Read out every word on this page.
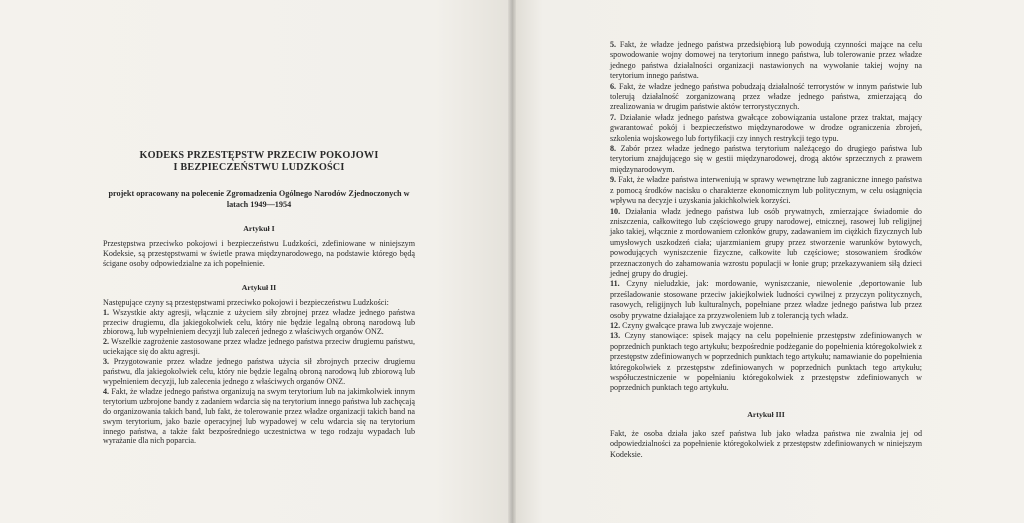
KODEKS PRZESTĘPSTW PRZECIW POKOJOWI
I BEZPIECZEŃSTWU LUDZKOŚCI
projekt opracowany na polecenie Zgromadzenia Ogólnego Narodów Zjednoczonych w latach 1949—1954
Artykuł I
Przestępstwa przeciwko pokojowi i bezpieczeństwu Ludzkości, zdefiniowane w niniejszym Kodeksie, są przestępstwami w świetle prawa międzynarodowego, na podstawie którego będą ścigane osoby odpowiedzialne za ich popełnienie.
Artykuł II
Następujące czyny są przestępstwami przeciwko pokojowi i bezpieczeństwu Ludzkości:
1. Wszystkie akty agresji, włącznie z użyciem siły zbrojnej przez władze jednego państwa przeciw drugiemu, dla jakiegokolwiek celu, który nie będzie legalną obroną narodową lub zbiorową, lub wypełnieniem decyzji lub zaleceń jednego z właściwych organów ONZ.
2. Wszelkie zagrożenie zastosowane przez władze jednego państwa przeciw drugiemu państwu, uciekające się do aktu agresji.
3. Przygotowanie przez władze jednego państwa użycia sił zbrojnych przeciw drugiemu państwu, dla jakiegokolwiek celu, który nie będzie legalną obroną narodową lub zbiorową lub wypełnieniem decyzji, lub zalecenia jednego z właściwych organów ONZ.
4. Fakt, że władze jednego państwa organizują na swym terytorium lub na jakimkolwiek innym terytorium uzbrojone bandy z zadaniem wdarcia się na terytorium innego państwa lub zachęcają do organizowania takich band, lub fakt, że tolerowanie przez władze organizacji takich band na swym terytorium, jako bazie operacyjnej lub wypadowej w celu wdarcia się na terytorium innego państwa, a także fakt bezpośredniego uczestnictwa w tego rodzaju wypadach lub wyrażanie dla nich poparcia.
5. Fakt, że władze jednego państwa przedsiębiorą lub powodują czynności mające na celu spowodowanie wojny domowej na terytorium innego państwa, lub tolerowanie przez władze jednego państwa działalności organizacji nastawionych na wywołanie takiej wojny na terytorium innego państwa.
6. Fakt, że władze jednego państwa pobudzają działalność terrorystów w innym państwie lub tolerują działalność zorganizowaną przez władze jednego państwa, zmierzającą do zrealizowania w drugim państwie aktów terrorystycznych.
7. Działanie władz jednego państwa gwałcące zobowiązania ustalone przez traktat, mający gwarantować pokój i bezpieczeństwo międzynarodowe w drodze ograniczenia zbrojeń, szkolenia wojskowego lub fortyfikacji czy innych restrykcji tego typu.
8. Zabór przez władze jednego państwa terytorium należącego do drugiego państwa lub terytorium znajdującego się w gestii międzynarodowej, drogą aktów sprzecznych z prawem międzynarodowym.
9. Fakt, że władze państwa interweniują w sprawy wewnętrzne lub zagraniczne innego państwa z pomocą środków nacisku o charakterze ekonomicznym lub politycznym, w celu osiągnięcia wpływu na decyzje i uzyskania jakichkolwiek korzyści.
10. Działania władz jednego państwa lub osób prywatnych, zmierzające świadomie do zniszczenia, całkowitego lub częściowego grupy narodowej, etnicznej, rasowej lub religijnej jako takiej, włącznie z mordowaniem członków grupy, zadawaniem im ciężkich fizycznych lub umysłowych uszkodzeń ciała; ujarzmianiem grupy przez stworzenie warunków bytowych, powodujących wyniszczenie fizyczne, całkowite lub częściowe; stosowaniem środków przeznaczonych do zahamowania wzrostu populacji w łonie grup; przekazywaniem siłą dzieci jednej grupy do drugiej.
11. Czyny nieludzkie, jak: mordowanie, wyniszczanie, niewolenie ,deportowanie lub prześladowanie stosowane przeciw jakiejkolwiek ludności cywilnej z przyczyn politycznych, rasowych, religijnych lub kulturalnych, popełniane przez władze jednego państwa lub przez osoby prywatne działające za przyzwoleniem lub z tolerancją tych władz.
12. Czyny gwałcące prawa lub zwyczaje wojenne.
13. Czyny stanowiące: spisek mający na celu popełnienie przestępstw zdefiniowanych w poprzednich punktach tego artykułu; bezpośrednie podżeganie do popełnienia któregokolwiek z przestępstw zdefiniowanych w poprzednich punktach tego artykułu; namawianie do popełnienia któregokolwiek z przestępstw zdefiniowanych w poprzednich punktach tego artykułu; współuczestniczenie w popełnianiu któregokolwiek z przestępstw zdefiniowanych w poprzednich punktach tego artykułu.
Artykuł III
Fakt, że osoba działa jako szef państwa lub jako władza państwa nie zwalnia jej od odpowiedzialności za popełnienie któregokolwiek z przestępstw zdefiniowanych w niniejszym Kodeksie.
